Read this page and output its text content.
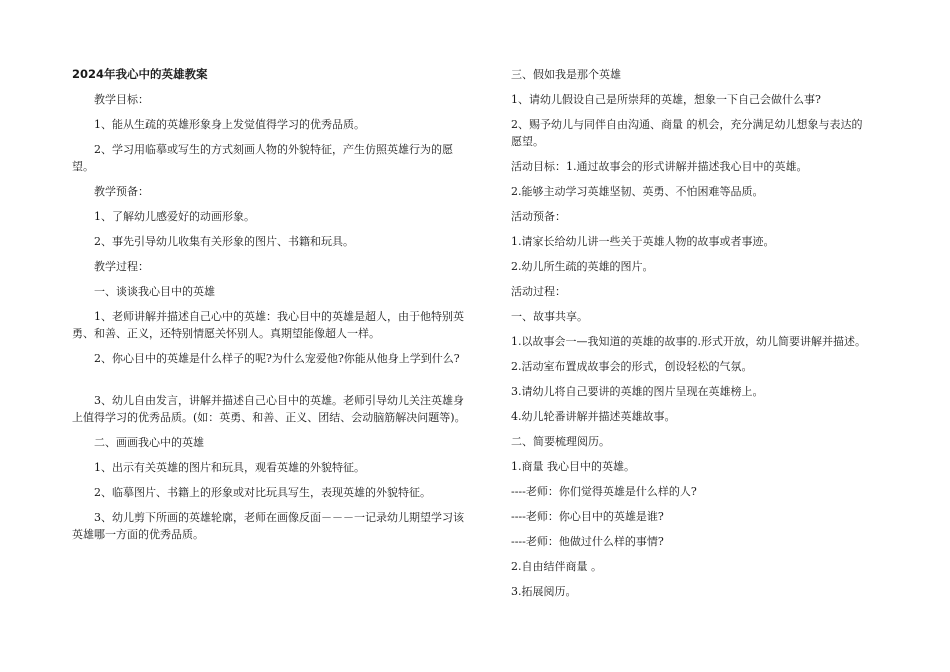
2024年我心中的英雄教案
教学目标：
1、能从生疏的英雄形象身上发觉值得学习的优秀品质。
2、学习用临摹或写生的方式刻画人物的外貌特征，产生仿照英雄行为的愿望。
教学预备：
1、了解幼儿感爱好的动画形象。
2、事先引导幼儿收集有关形象的图片、书籍和玩具。
教学过程：
一、谈谈我心目中的英雄
1、老师讲解并描述自己心中的英雄：我心目中的英雄是超人，由于他特别英勇、和善、正义，还特别情愿关怀别人。真期望能像超人一样。
2、你心目中的英雄是什么样子的呢?为什么宠爱他?你能从他身上学到什么?
3、幼儿自由发言，讲解并描述自己心目中的英雄。老师引导幼儿关注英雄身上值得学习的优秀品质。(如：英勇、和善、正义、团结、会动脑筋解决问题等)。
二、画画我心中的英雄
1、出示有关英雄的图片和玩具，观看英雄的外貌特征。
2、临摹图片、书籍上的形象或对比玩具写生，表现英雄的外貌特征。
3、幼儿剪下所画的英雄轮廓，老师在画像反面－－－一记录幼儿期望学习该英雄哪一方面的优秀品质。
三、假如我是那个英雄
1、请幼儿假设自己是所崇拜的英雄，想象一下自己会做什么事?
2、赐予幼儿与同伴自由沟通、商量 的机会，充分满足幼儿想象与表达的愿望。
活动目标：1.通过故事会的形式讲解并描述我心目中的英雄。
2.能够主动学习英雄坚韧、英勇、不怕困难等品质。
活动预备：
1.请家长给幼儿讲一些关于英雄人物的故事或者事迹。
2.幼儿所生疏的英雄的图片。
活动过程：
一、故事共享。
1.以故事会一—我知道的英雄的故事的.形式开放，幼儿简要讲解并描述。
2.活动室布置成故事会的形式，创设轻松的气氛。
3.请幼儿将自己要讲的英雄的图片呈现在英雄榜上。
4.幼儿轮番讲解并描述英雄故事。
二、简要梳理阅历。
1.商量 我心目中的英雄。
----老师：你们觉得英雄是什么样的人?
----老师：你心目中的英雄是谁?
----老师：他做过什么样的事情?
2.自由结伴商量 。
3.拓展阅历。
